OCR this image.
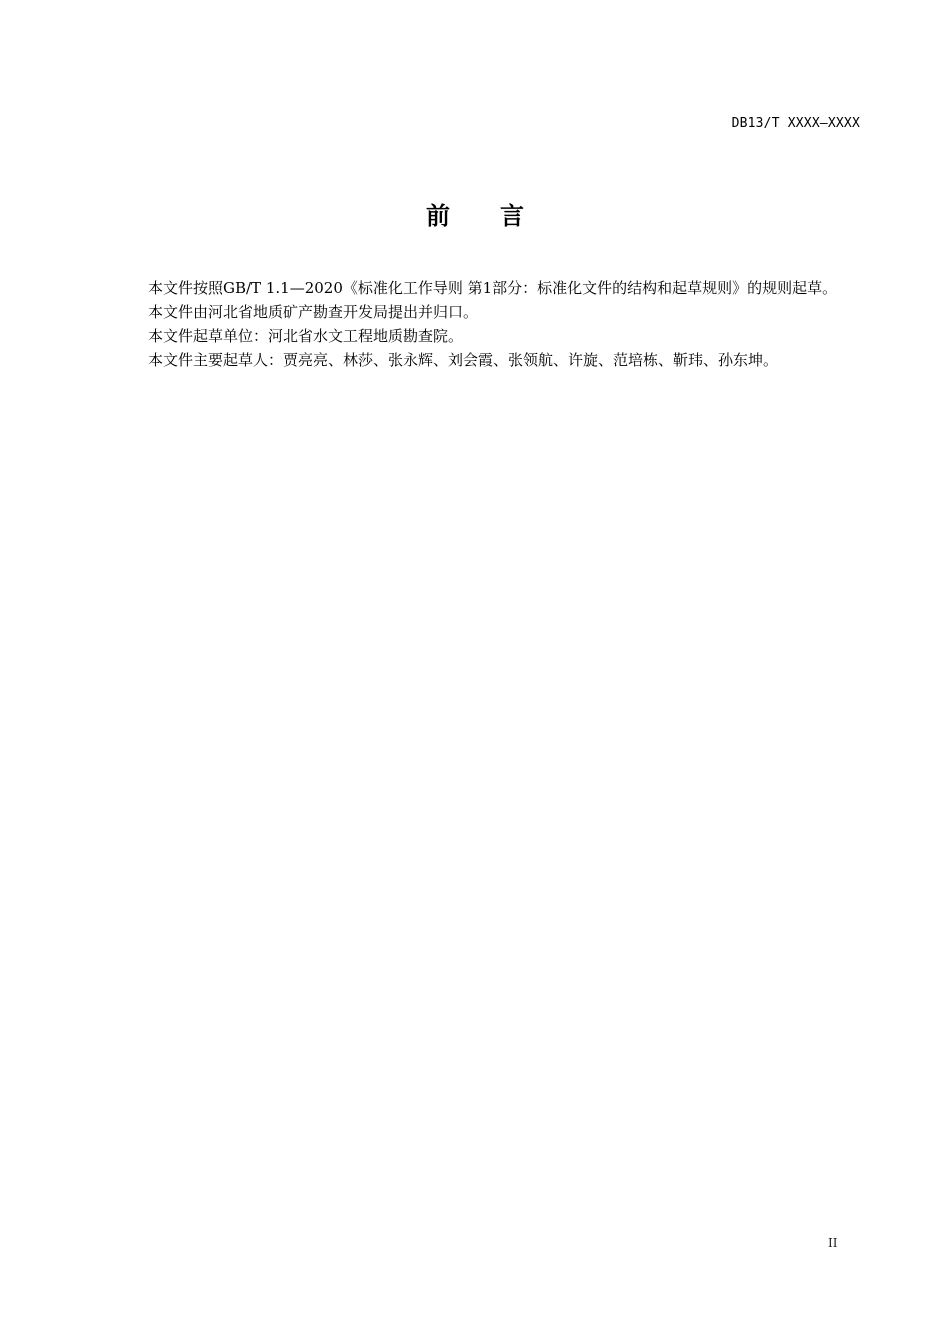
DB13/T XXXX—XXXX
前言

本文件按照GB/T 1.1—2020《标准化工作导则 第1部分：标准化文件的结构和起草规则》的规则起草。

本文件由河北省地质矿产勘查开发局提出并归口。

本文件起草单位：河北省水文工程地质勘查院。

本文件主要起草人：贾亮亮、林莎、张永辉、刘会霞、张领航、许旋、范培栋、靳玮、孙东坤。

II
